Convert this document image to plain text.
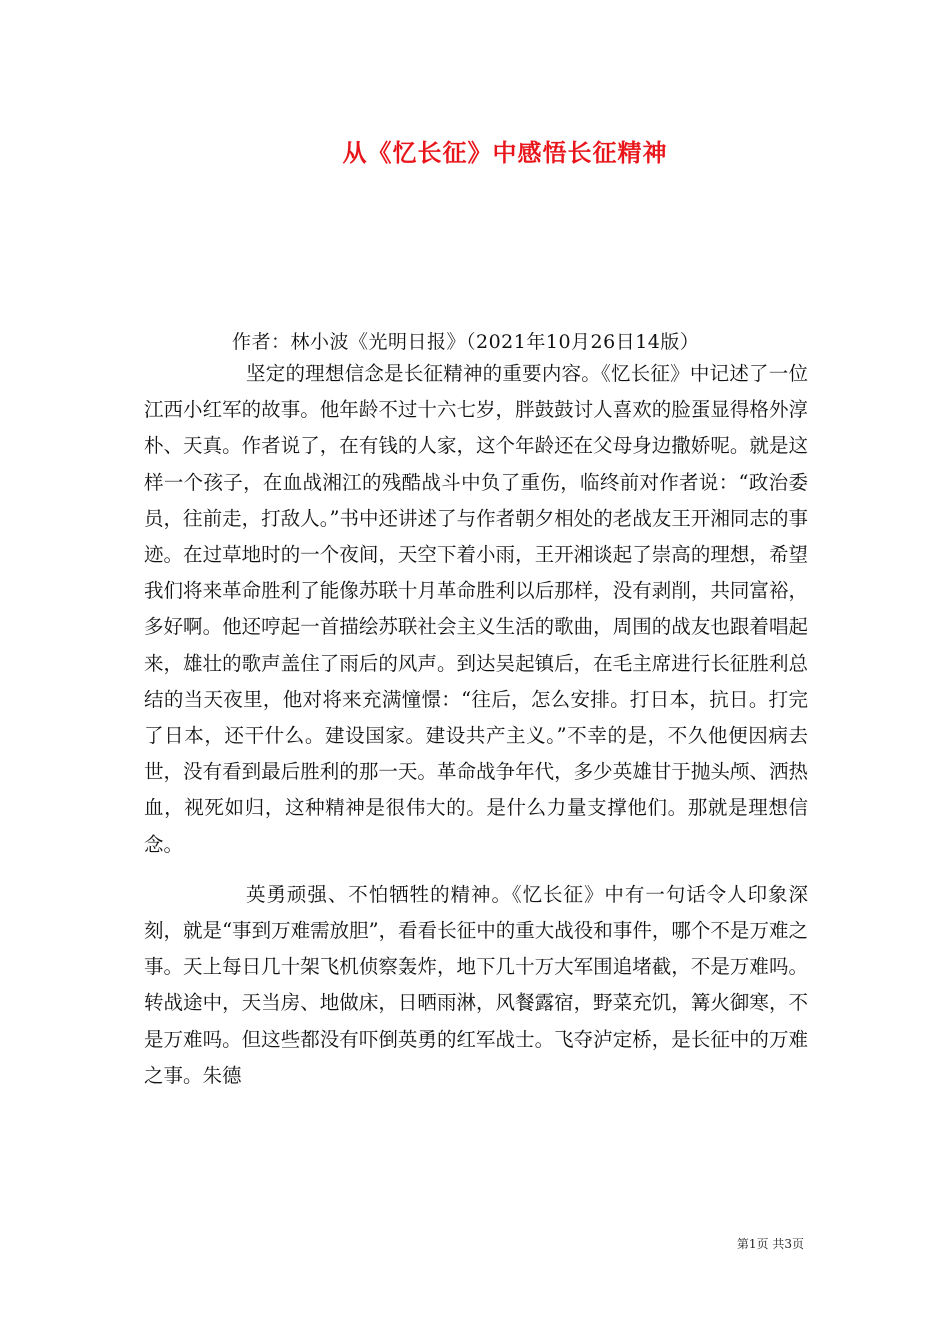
从《忆长征》中感悟长征精神
作者：林小波《光明日报》（2021年10月26日14版）

坚定的理想信念是长征精神的重要内容。《忆长征》中记述了一位江西小红军的故事。他年龄不过十六七岁，胖鼓鼓讨人喜欢的脸蛋显得格外淳朴、天真。作者说了，在有钱的人家，这个年龄还在父母身边撒娇呢。就是这样一个孩子，在血战湘江的残酷战斗中负了重伤，临终前对作者说：“政治委员，往前走，打敌人。”书中还讲述了与作者朝夕相处的老战友王开湘同志的事迹。在过草地时的一个夜间，天空下着小雨，王开湘谈起了崇高的理想，希望我们将来革命胜利了能像苏联十月革命胜利以后那样，没有剥削，共同富裕，多好啊。他还哼起一首描绘苏联社会主义生活的歌曲，周围的战友也跟着唱起来，雄壮的歌声盖住了雨后的风声。到达吴起镇后，在毛主席进行长征胜利总结的当天夜里，他对将来充满憧憬：“往后，怎么安排。打日本，抗日。打完了日本，还干什么。建设国家。建设共产主义。”不幸的是，不久他便因病去世，没有看到最后胜利的那一天。革命战争年代，多少英雄甘于抛头颅、洒热血，视死如归，这种精神是很伟大的。是什么力量支撑他们。那就是理想信念。

英勇顽强、不怕牺牲的精神。《忆长征》中有一句话令人印象深刻，就是“事到万难需放胆”，看看长征中的重大战役和事件，哪个不是万难之事。天上每日几十架飞机侦察轰炸，地下几十万大军围追堵截，不是万难吗。转战途中，天当房、地做床，日晒雨淋，风餐露宿，野菜充饥，篝火御寒，不是万难吗。但这些都没有吓倒英勇的红军战士。飞夺泸定桥，是长征中的万难之事。朱德

第1页 共3页
